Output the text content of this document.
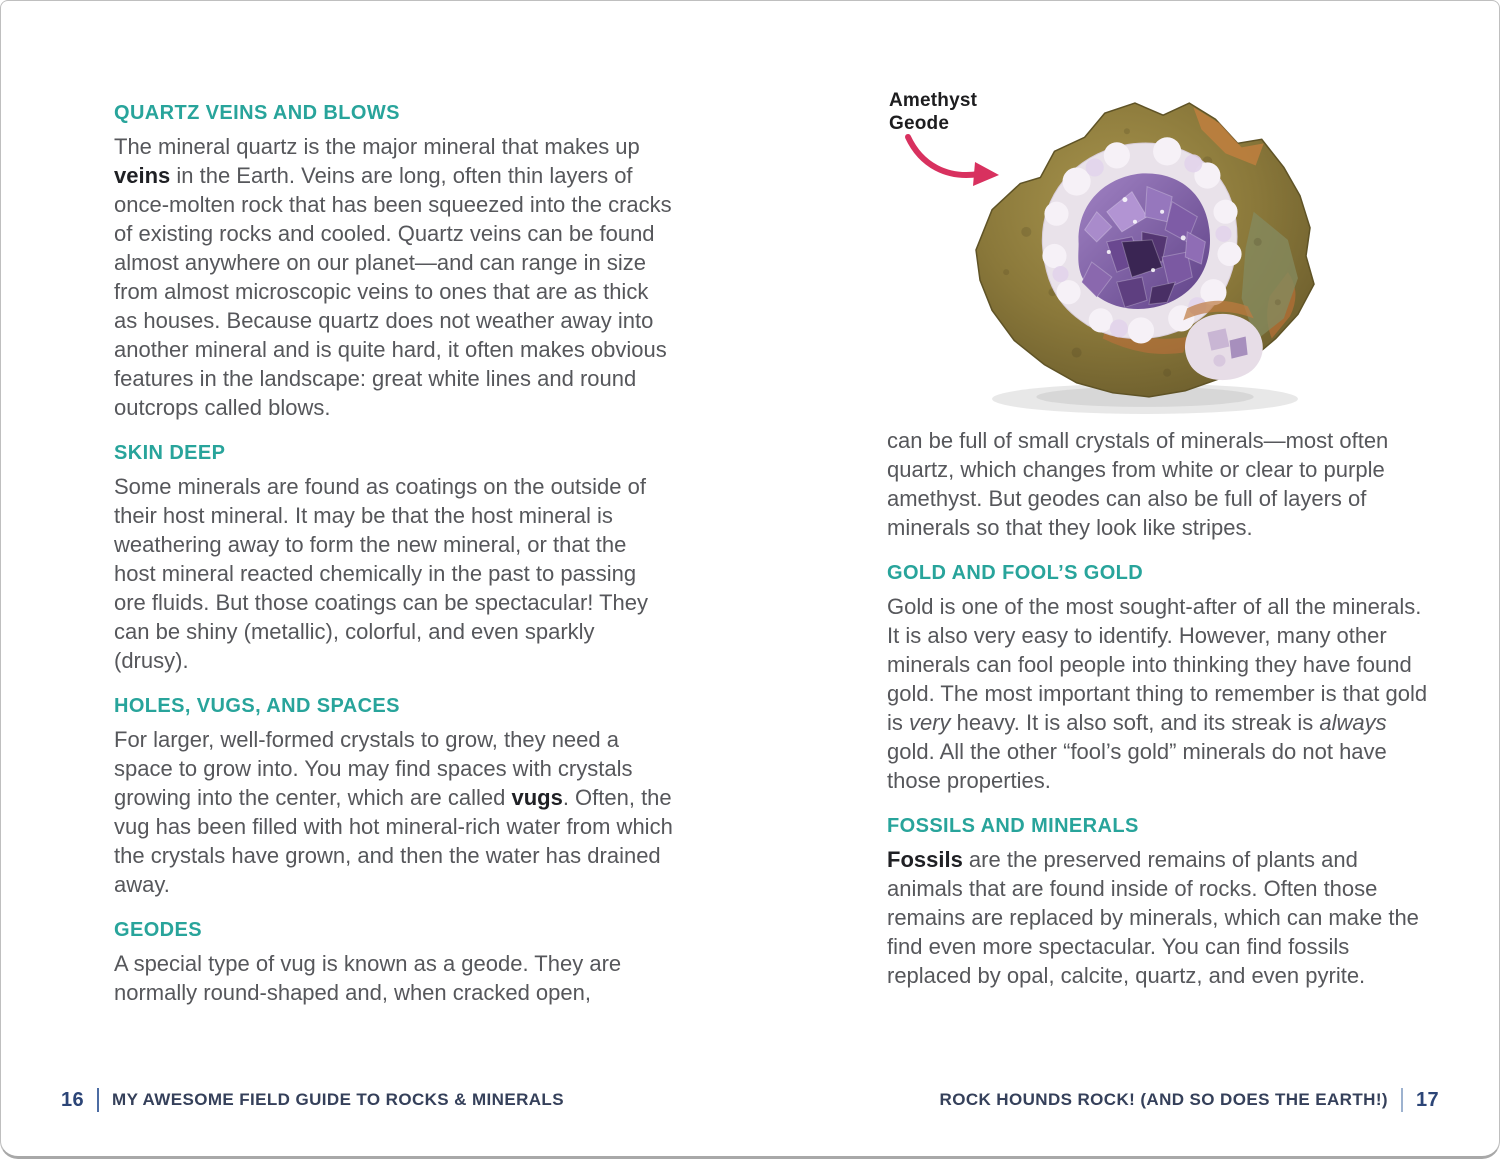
QUARTZ VEINS AND BLOWS

The mineral quartz is the major mineral that makes up veins in the Earth. Veins are long, often thin layers of once-molten rock that has been squeezed into the cracks of existing rocks and cooled. Quartz veins can be found almost anywhere on our planet—and can range in size from almost microscopic veins to ones that are as thick as houses. Because quartz does not weather away into another mineral and is quite hard, it often makes obvious features in the landscape: great white lines and round outcrops called blows.

SKIN DEEP

Some minerals are found as coatings on the outside of their host mineral. It may be that the host mineral is weathering away to form the new mineral, or that the host mineral reacted chemically in the past to passing ore fluids. But those coatings can be spectacular! They can be shiny (metallic), colorful, and even sparkly (drusy).

HOLES, VUGS, AND SPACES

For larger, well-formed crystals to grow, they need a space to grow into. You may find spaces with crystals growing into the center, which are called vugs. Often, the vug has been filled with hot mineral-rich water from which the crystals have grown, and then the water has drained away.

GEODES

A special type of vug is known as a geode. They are normally round-shaped and, when cracked open,

Amethyst
Geode

can be full of small crystals of minerals—most often quartz, which changes from white or clear to purple amethyst. But geodes can also be full of layers of minerals so that they look like stripes.

GOLD AND FOOL’S GOLD

Gold is one of the most sought-after of all the minerals. It is also very easy to identify. However, many other minerals can fool people into thinking they have found gold. The most important thing to remember is that gold is very heavy. It is also soft, and its streak is always gold. All the other “fool’s gold” minerals do not have those properties.

FOSSILS AND MINERALS

Fossils are the preserved remains of plants and animals that are found inside of rocks. Often those remains are replaced by minerals, which can make the find even more spectacular. You can find fossils replaced by opal, calcite, quartz, and even pyrite.

16 MY AWESOME FIELD GUIDE TO ROCKS & MINERALS	ROCK HOUNDS ROCK! (AND SO DOES THE EARTH!) 17
